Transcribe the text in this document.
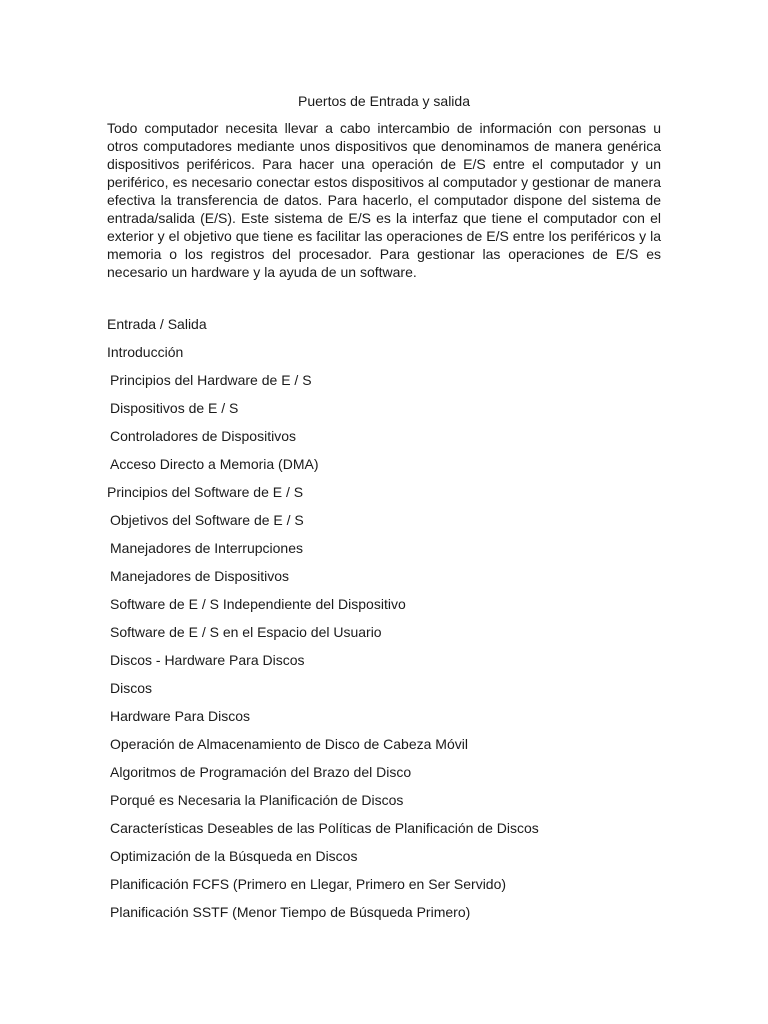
Puertos de Entrada y salida

Todo computador necesita llevar a cabo intercambio de información con personas u otros computadores mediante unos dispositivos que denominamos de manera genérica dispositivos periféricos. Para hacer una operación de E/S entre el computador y un periférico, es necesario conectar estos dispositivos al computador y gestionar de manera efectiva la transferencia de datos. Para hacerlo, el computador dispone del sistema de entrada/salida (E/S). Este sistema de E/S es la interfaz que tiene el computador con el exterior y el objetivo que tiene es facilitar las operaciones de E/S entre los periféricos y la memoria o los registros del procesador. Para gestionar las operaciones de E/S es necesario un hardware y la ayuda de un software.

Entrada / Salida
Introducción
Principios del Hardware de E / S
Dispositivos de E / S
Controladores de Dispositivos
Acceso Directo a Memoria (DMA)
Principios del Software de E / S
Objetivos del Software de E / S
Manejadores de Interrupciones
Manejadores de Dispositivos
Software de E / S Independiente del Dispositivo
Software de E / S en el Espacio del Usuario
Discos - Hardware Para Discos
Discos
Hardware Para Discos
Operación de Almacenamiento de Disco de Cabeza Móvil
Algoritmos de Programación del Brazo del Disco
Porqué es Necesaria la Planificación de Discos
Características Deseables de las Políticas de Planificación de Discos
Optimización de la Búsqueda en Discos
Planificación FCFS (Primero en Llegar, Primero en Ser Servido)
Planificación SSTF (Menor Tiempo de Búsqueda Primero)
